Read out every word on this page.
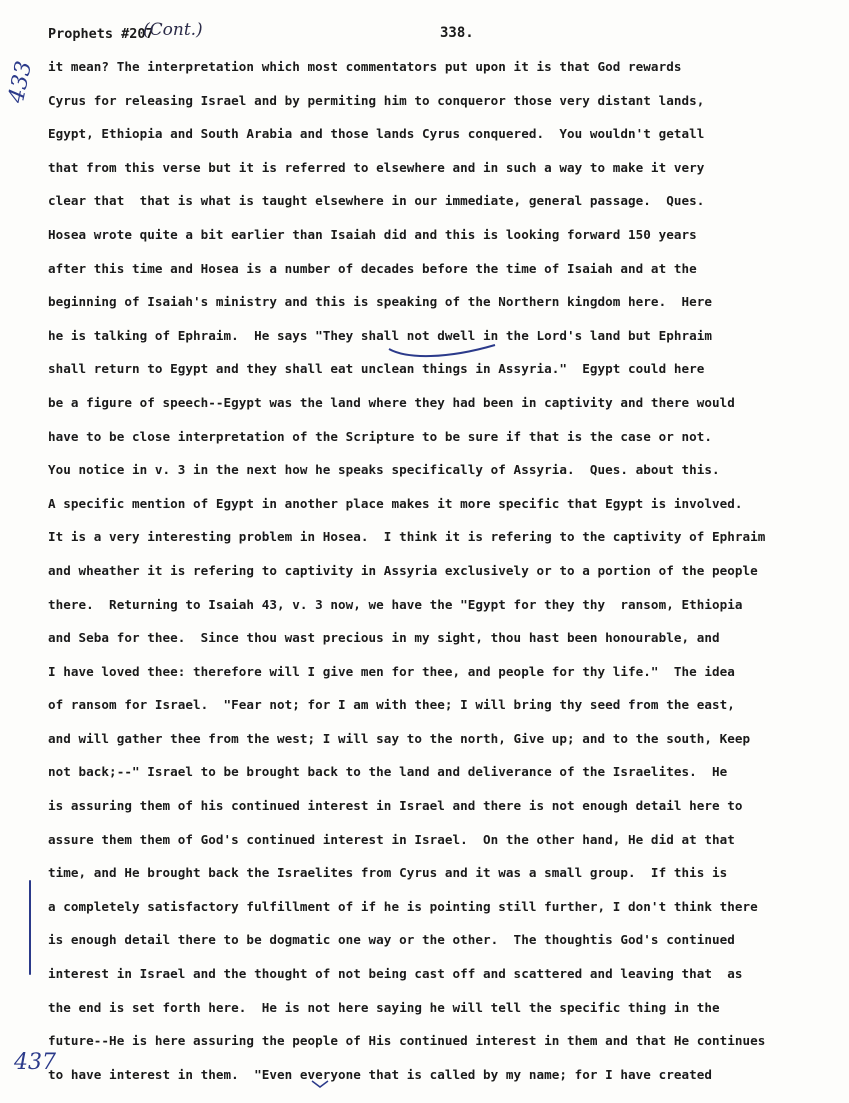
Prophets #207
(Cont.)	338.
433
437
it mean? The interpretation which most commentators put upon it is that God rewards
Cyrus for releasing Israel and by permiting him to conqueror those very distant lands,
Egypt, Ethiopia and South Arabia and those lands Cyrus conquered.  You wouldn't getall
that from this verse but it is referred to elsewhere and in such a way to make it very
clear that  that is what is taught elsewhere in our immediate, general passage.  Ques.
Hosea wrote quite a bit earlier than Isaiah did and this is looking forward 150 years
after this time and Hosea is a number of decades before the time of Isaiah and at the
beginning of Isaiah's ministry and this is speaking of the Northern kingdom here.  Here
he is talking of Ephraim.  He says "They shall not dwell in the Lord's land but Ephraim
shall return to Egypt and they shall eat unclean things in Assyria."  Egypt could here
be a figure of speech--Egypt was the land where they had been in captivity and there would
have to be close interpretation of the Scripture to be sure if that is the case or not.
You notice in v. 3 in the next how he speaks specifically of Assyria.  Ques. about this.
A specific mention of Egypt in another place makes it more specific that Egypt is involved.
It is a very interesting problem in Hosea.  I think it is refering to the captivity of Ephraim
and wheather it is refering to captivity in Assyria exclusively or to a portion of the people
there.  Returning to Isaiah 43, v. 3 now, we have the "Egypt for they thy  ransom, Ethiopia
and Seba for thee.  Since thou wast precious in my sight, thou hast been honourable, and
I have loved thee: therefore will I give men for thee, and people for thy life."  The idea
of ransom for Israel.  "Fear not; for I am with thee; I will bring thy seed from the east,
and will gather thee from the west; I will say to the north, Give up; and to the south, Keep
not back;--" Israel to be brought back to the land and deliverance of the Israelites.  He
is assuring them of his continued interest in Israel and there is not enough detail here to
assure them them of God's continued interest in Israel.  On the other hand, He did at that
time, and He brought back the Israelites from Cyrus and it was a small group.  If this is
a completely satisfactory fulfillment of if he is pointing still further, I don't think there
is enough detail there to be dogmatic one way or the other.  The thoughtis God's continued
interest in Israel and the thought of not being cast off and scattered and leaving that  as
the end is set forth here.  He is not here saying he will tell the specific thing in the
future--He is here assuring the people of His continued interest in them and that He continues
to have interest in them.  "Even everyone that is called by my name; for I have created
